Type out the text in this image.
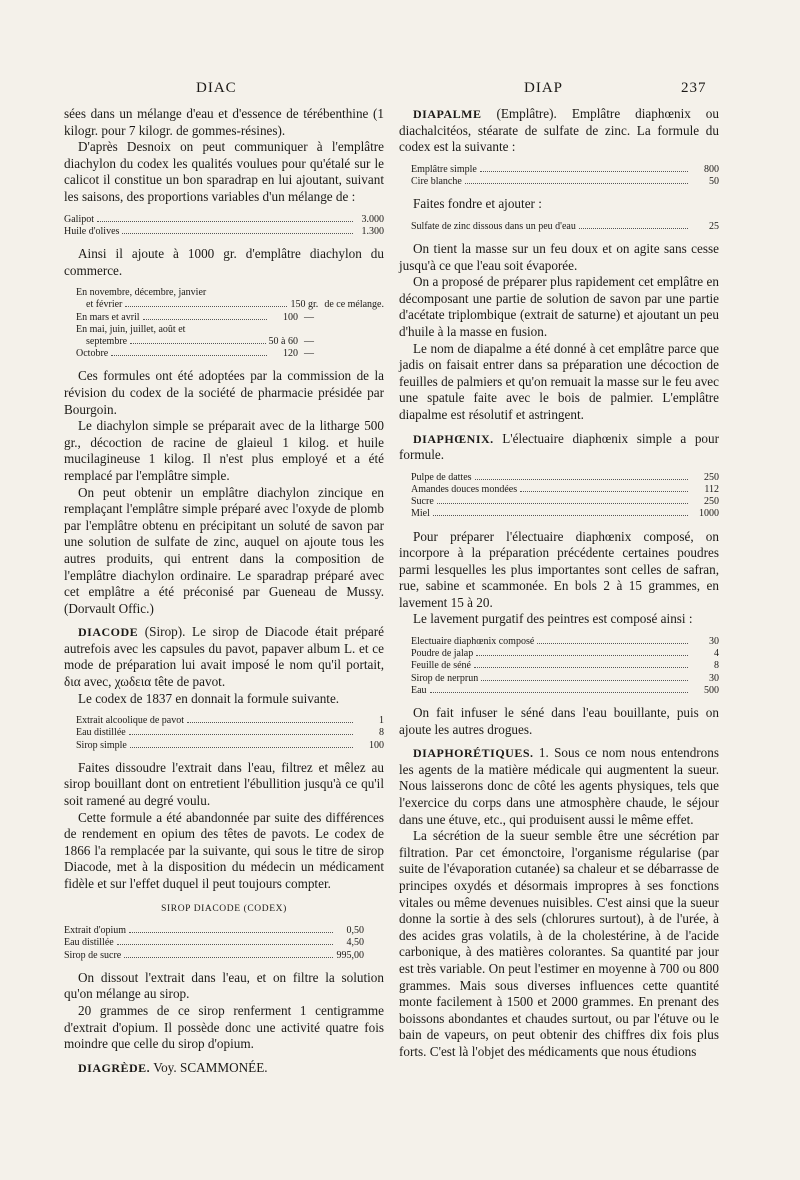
DIAC	DIAP	237

sées dans un mélange d'eau et d'essence de térébenthine (1 kilogr. pour 7 kilogr. de gommes-résines).

D'après Desnoix on peut communiquer à l'emplâtre diachylon du codex les qualités voulues pour qu'étalé sur le calicot il constitue un bon sparadrap en lui ajoutant, suivant les saisons, des proportions variables d'un mélange de :

Galipot	3.000
Huile d'olives	1.300

Ainsi il ajoute à 1000 gr. d'emplâtre diachylon du commerce.

En novembre, décembre, janvier
et février	150 gr. de ce mélange.
En mars et avril	100 —
En mai, juin, juillet, août et
septembre	50 à 60 —
Octobre	120 —

Ces formules ont été adoptées par la commission de la révision du codex de la société de pharmacie présidée par Bourgoin.

Le diachylon simple se préparait avec de la litharge 500 gr., décoction de racine de glaieul 1 kilog. et huile mucilagineuse 1 kilog. Il n'est plus employé et a été remplacé par l'emplâtre simple.

On peut obtenir un emplâtre diachylon zincique en remplaçant l'emplâtre simple préparé avec l'oxyde de plomb par l'emplâtre obtenu en précipitant un soluté de savon par une solution de sulfate de zinc, auquel on ajoute tous les autres produits, qui entrent dans la composition de l'emplâtre diachylon ordinaire. Le sparadrap préparé avec cet emplâtre a été préconisé par Gueneau de Mussy. (Dorvault Offic.)

DIACODE (Sirop). Le sirop de Diacode était préparé autrefois avec les capsules du pavot, papaver album L. et ce mode de préparation lui avait imposé le nom qu'il portait, δια avec, χωδεια tête de pavot.

Le codex de 1837 en donnait la formule suivante.

Extrait alcoolique de pavot	1
Eau distillée	8
Sirop simple	100

Faites dissoudre l'extrait dans l'eau, filtrez et mêlez au sirop bouillant dont on entretient l'ébullition jusqu'à ce qu'il soit ramené au degré voulu.

Cette formule a été abandonnée par suite des différences de rendement en opium des têtes de pavots. Le codex de 1866 l'a remplacée par la suivante, qui sous le titre de sirop Diacode, met à la disposition du médecin un médicament fidèle et sur l'effet duquel il peut toujours compter.

SIROP DIACODE (CODEX)
Extrait d'opium	0,50
Eau distillée	4,50
Sirop de sucre	995,00

On dissout l'extrait dans l'eau, et on filtre la solution qu'on mélange au sirop.

20 grammes de ce sirop renferment 1 centigramme d'extrait d'opium. Il possède donc une activité quatre fois moindre que celle du sirop d'opium.

DIAGRÈDE. Voy. SCAMMONÉE.

DIAPALME (Emplâtre). Emplâtre diaphœnix ou diachalcitéos, stéarate de sulfate de zinc. La formule du codex est la suivante :

Emplâtre simple	800
Cire blanche	50

Faites fondre et ajouter :

Sulfate de zinc dissous dans un peu d'eau	25

On tient la masse sur un feu doux et on agite sans cesse jusqu'à ce que l'eau soit évaporée.

On a proposé de préparer plus rapidement cet emplâtre en décomposant une partie de solution de savon par une partie d'acétate triplombique (extrait de saturne) et ajoutant un peu d'huile à la masse en fusion.

Le nom de diapalme a été donné à cet emplâtre parce que jadis on faisait entrer dans sa préparation une décoction de feuilles de palmiers et qu'on remuait la masse sur le feu avec une spatule faite avec le bois de palmier. L'emplâtre diapalme est résolutif et astringent.

DIAPHŒNIX. L'électuaire diaphœnix simple a pour formule.

Pulpe de dattes	250
Amandes douces mondées	112
Sucre	250
Miel	1000

Pour préparer l'électuaire diaphœnix composé, on incorpore à la préparation précédente certaines poudres parmi lesquelles les plus importantes sont celles de safran, rue, sabine et scammonée. En bols 2 à 15 grammes, en lavement 15 à 20.

Le lavement purgatif des peintres est composé ainsi :

Electuaire diaphœnix composé	30
Poudre de jalap	4
Feuille de séné	8
Sirop de nerprun	30
Eau	500

On fait infuser le séné dans l'eau bouillante, puis on ajoute les autres drogues.

DIAPHORÉTIQUES. 1. Sous ce nom nous entendrons les agents de la matière médicale qui augmentent la sueur. Nous laisserons donc de côté les agents physiques, tels que l'exercice du corps dans une atmosphère chaude, le séjour dans une étuve, etc., qui produisent aussi le même effet.

La sécrétion de la sueur semble être une sécrétion par filtration. Par cet émonctoire, l'organisme régularise (par suite de l'évaporation cutanée) sa chaleur et se débarrasse de principes oxydés et désormais impropres à ses fonctions vitales ou même devenues nuisibles. C'est ainsi que la sueur donne la sortie à des sels (chlorures surtout), à de l'urée, à des acides gras volatils, à de la cholestérine, à de l'acide carbonique, à des matières colorantes. Sa quantité par jour est très variable. On peut l'estimer en moyenne à 700 ou 800 grammes. Mais sous diverses influences cette quantité monte facilement à 1500 et 2000 grammes. En prenant des boissons abondantes et chaudes surtout, ou par l'étuve ou le bain de vapeurs, on peut obtenir des chiffres dix fois plus forts. C'est là l'objet des médicaments que nous étudions
